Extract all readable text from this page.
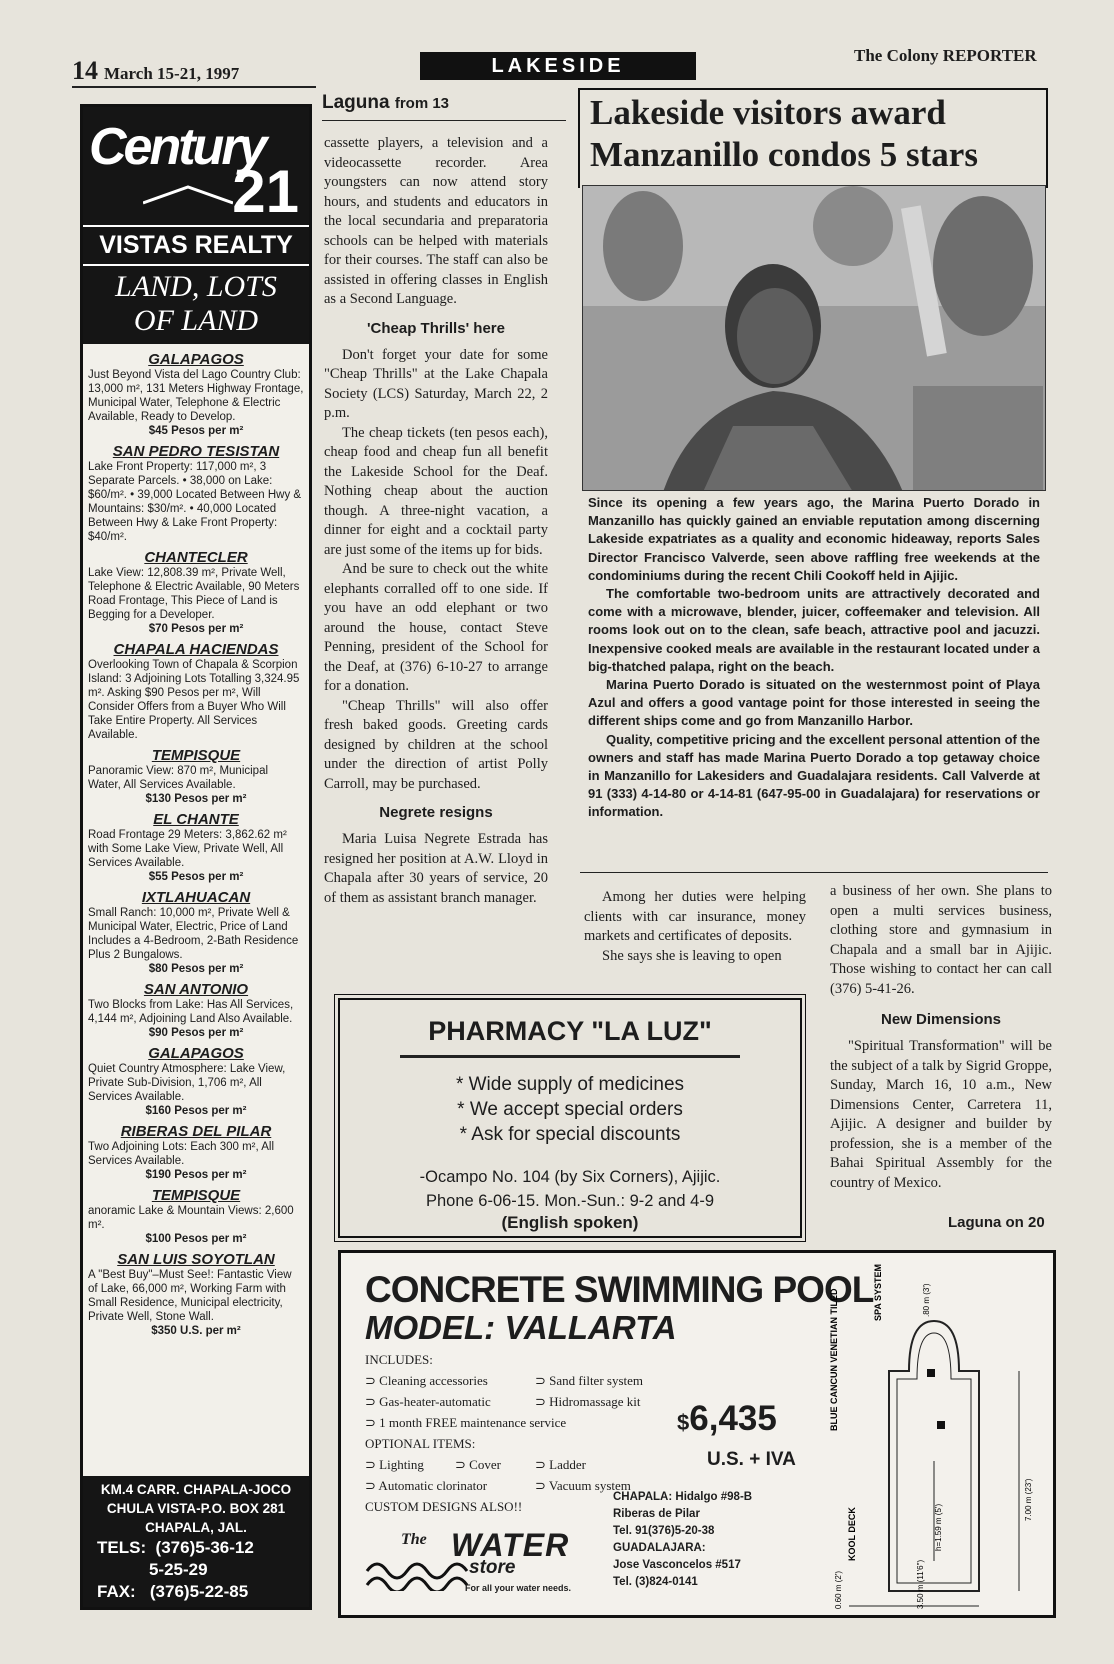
14 March 15-21, 1997	LAKESIDE	The Colony REPORTER
Century
21
VISTAS REALTY
LAND, LOTS
OF LAND
GALAPAGOS
Just Beyond Vista del Lago Country Club: 13,000 m², 131 Meters Highway Frontage, Municipal Water, Telephone & Electric Available, Ready to Develop.
$45 Pesos per m²
SAN PEDRO TESISTAN
Lake Front Property: 117,000 m², 3 Separate Parcels. • 38,000 on Lake: $60/m². • 39,000 Located Between Hwy & Mountains: $30/m². • 40,000 Located Between Hwy & Lake Front Property: $40/m².
CHANTECLER
Lake View: 12,808.39 m², Private Well, Telephone & Electric Available, 90 Meters Road Frontage, This Piece of Land is Begging for a Developer.
$70 Pesos per m²
CHAPALA HACIENDAS
Overlooking Town of Chapala & Scorpion Island: 3 Adjoining Lots Totalling 3,324.95 m². Asking $90 Pesos per m², Will Consider Offers from a Buyer Who Will Take Entire Property. All Services Available.
TEMPISQUE
Panoramic View: 870 m², Municipal Water, All Services Available.
$130 Pesos per m²
EL CHANTE
Road Frontage 29 Meters: 3,862.62 m² with Some Lake View, Private Well, All Services Available.
$55 Pesos per m²
IXTLAHUACAN
Small Ranch: 10,000 m², Private Well & Municipal Water, Electric, Price of Land Includes a 4-Bedroom, 2-Bath Residence Plus 2 Bungalows.
$80 Pesos per m²
SAN ANTONIO
Two Blocks from Lake: Has All Services, 4,144 m², Adjoining Land Also Available.
$90 Pesos per m²
GALAPAGOS
Quiet Country Atmosphere: Lake View, Private Sub-Division, 1,706 m², All Services Available.
$160 Pesos per m²
RIBERAS DEL PILAR
Two Adjoining Lots: Each 300 m², All Services Available.
$190 Pesos per m²
TEMPISQUE
anoramic Lake & Mountain Views: 2,600 m².
$100 Pesos per m²
SAN LUIS SOYOTLAN
A "Best Buy"–Must See!: Fantastic View of Lake, 66,000 m², Working Farm with Small Residence, Municipal electricity, Private Well, Stone Wall.
$350 U.S. per m²
KM.4 CARR. CHAPALA-JOCO
CHULA VISTA-P.O. BOX 281
CHAPALA, JAL.
TELS:  (376)5-36-12
5-25-29
FAX:   (376)5-22-85
Laguna from 13

cassette players, a television and a videocassette recorder. Area youngsters can now attend story hours, and students and educators in the local secundaria and preparatoria schools can be helped with materials for their courses. The staff can also be assisted in offering classes in English as a Second Language.

'Cheap Thrills' here

Don't forget your date for some "Cheap Thrills" at the Lake Chapala Society (LCS) Saturday, March 22, 2 p.m.

The cheap tickets (ten pesos each), cheap food and cheap fun all benefit the Lakeside School for the Deaf. Nothing cheap about the auction though. A three-night vacation, a dinner for eight and a cocktail party are just some of the items up for bids.

And be sure to check out the white elephants corralled off to one side. If you have an odd elephant or two around the house, contact Steve Penning, president of the School for the Deaf, at (376) 6-10-27 to arrange for a donation.

"Cheap Thrills" will also offer fresh baked goods. Greeting cards designed by children at the school under the direction of artist Polly Carroll, may be purchased.

Negrete resigns

Maria Luisa Negrete Estrada has resigned her position at A.W. Lloyd in Chapala after 30 years of service, 20 of them as assistant branch manager.

Lakeside visitors award
Manzanillo condos 5 stars

Since its opening a few years ago, the Marina Puerto Dorado in Manzanillo has quickly gained an enviable reputation among discerning Lakeside expatriates as a quality and economic hideaway, reports Sales Director Francisco Valverde, seen above raffling free weekends at the condominiums during the recent Chili Cookoff held in Ajijic.

The comfortable two-bedroom units are attractively decorated and come with a microwave, blender, juicer, coffeemaker and television. All rooms look out on to the clean, safe beach, attractive pool and jacuzzi. Inexpensive cooked meals are available in the restaurant located under a big-thatched palapa, right on the beach.

Marina Puerto Dorado is situated on the westernmost point of Playa Azul and offers a good vantage point for those interested in seeing the different ships come and go from Manzanillo Harbor.

Quality, competitive pricing and the excellent personal attention of the owners and staff has made Marina Puerto Dorado a top getaway choice in Manzanillo for Lakesiders and Guadalajara residents. Call Valverde at 91 (333) 4-14-80 or 4-14-81 (647-95-00 in Guadalajara) for reservations or information.

Among her duties were helping clients with car insurance, money markets and certificates of deposits.

She says she is leaving to open

a business of her own. She plans to open a multi services business, clothing store and gymnasium in Chapala and a small bar in Ajijic. Those wishing to contact her can call (376) 5-41-26.

New Dimensions

"Spiritual Transformation" will be the subject of a talk by Sigrid Groppe, Sunday, March 16, 10 a.m., New Dimensions Center, Carretera 11, Ajijic. A designer and builder by profession, she is a member of the Bahai Spiritual Assembly for the country of Mexico.

Laguna on 20
PHARMACY "LA LUZ"
* Wide supply of medicines
* We accept special orders
* Ask for special discounts
-Ocampo No. 104 (by Six Corners), Ajijic.
Phone 6-06-15. Mon.-Sun.: 9-2 and 4-9
(English spoken)
CONCRETE SWIMMING POOL
MODEL: VALLARTA
INCLUDES:
⊃ Cleaning accessories	⊃ Sand filter system
⊃ Gas-heater-automatic	⊃ Hidromassage kit
⊃ 1 month FREE maintenance service
OPTIONAL ITEMS:
⊃ Lighting ⊃ Cover	⊃ Ladder
⊃ Automatic clorinator	⊃ Vacuum system
CUSTOM DESIGNS ALSO!!
$6,435
U.S. + IVA
CHAPALA: Hidalgo #98-B
Riberas de Pilar
Tel. 91(376)5-20-38
GUADALAJARA:
Jose Vasconcelos #517
Tel. (3)824-0141
The WATER
store
For all your water needs.
BLUE CANCUN VENETIAN TILED	SPA SYSTEM
KOOL DECK	h=1.59 m (5')
7.00 m (23')
.80 m (3')
0.60 m (2')	3.50 m (11'6")
